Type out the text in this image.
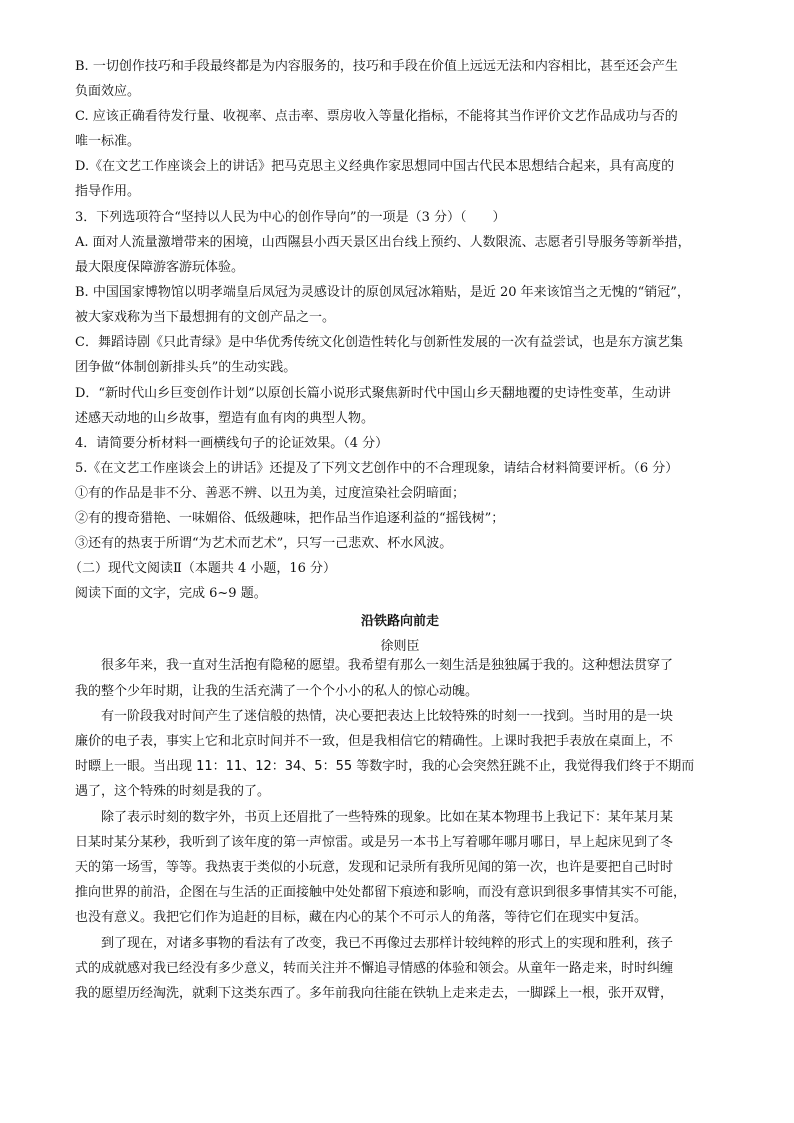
B. 一切创作技巧和手段最终都是为内容服务的，技巧和手段在价值上远远无法和内容相比，甚至还会产生
负面效应。
C. 应该正确看待发行量、收视率、点击率、票房收入等量化指标，不能将其当作评价文艺作品成功与否的
唯一标准。
D.《在文艺工作座谈会上的讲话》把马克思主义经典作家思想同中国古代民本思想结合起来，具有高度的
指导作用。
3．下列选项符合“坚持以人民为中心的创作导向”的一项是（3 分）（　　）
A. 面对人流量激增带来的困境，山西隰县小西天景区出台线上预约、人数限流、志愿者引导服务等新举措，
最大限度保障游客游玩体验。
B. 中国国家博物馆以明孝端皇后凤冠为灵感设计的原创凤冠冰箱贴，是近 20 年来该馆当之无愧的“销冠”，
被大家戏称为当下最想拥有的文创产品之一。
C．舞蹈诗剧《只此青绿》是中华优秀传统文化创造性转化与创新性发展的一次有益尝试，也是东方演艺集
团争做“体制创新排头兵”的生动实践。
D．“新时代山乡巨变创作计划”以原创长篇小说形式聚焦新时代中国山乡天翻地覆的史诗性变革，生动讲
述感天动地的山乡故事，塑造有血有肉的典型人物。
4．请简要分析材料一画横线句子的论证效果。（4 分）
5.《在文艺工作座谈会上的讲话》还提及了下列文艺创作中的不合理现象，请结合材料简要评析。（6 分）
①有的作品是非不分、善恶不辨、以丑为美，过度渲染社会阴暗面；
②有的搜奇猎艳、一味媚俗、低级趣味，把作品当作追逐利益的“摇钱树”；
③还有的热衷于所谓“为艺术而艺术”，只写一己悲欢、杯水风波。
（二）现代文阅读Ⅱ（本题共 4 小题，16 分）
阅读下面的文字，完成 6~9 题。
沿铁路向前走
徐则臣
很多年来，我一直对生活抱有隐秘的愿望。我希望有那么一刻生活是独独属于我的。这种想法贯穿了
我的整个少年时期，让我的生活充满了一个个小小的私人的惊心动魄。
有一阶段我对时间产生了迷信般的热情，决心要把表达上比较特殊的时刻一一找到。当时用的是一块
廉价的电子表，事实上它和北京时间并不一致，但是我相信它的精确性。上课时我把手表放在桌面上，不
时瞟上一眼。当出现 11：11、12：34、5：55 等数字时，我的心会突然狂跳不止，我觉得我们终于不期而
遇了，这个特殊的时刻是我的了。
除了表示时刻的数字外，书页上还眉批了一些特殊的现象。比如在某本物理书上我记下：某年某月某
日某时某分某秒，我听到了该年度的第一声惊雷。或是另一本书上写着哪年哪月哪日，早上起床见到了冬
天的第一场雪，等等。我热衷于类似的小玩意，发现和记录所有我所见闻的第一次，也许是要把自己时时
推向世界的前沿，企图在与生活的正面接触中处处都留下痕迹和影响，而没有意识到很多事情其实不可能，
也没有意义。我把它们作为追赶的目标，藏在内心的某个不可示人的角落，等待它们在现实中复活。
到了现在，对诸多事物的看法有了改变，我已不再像过去那样计较纯粹的形式上的实现和胜利，孩子
式的成就感对我已经没有多少意义，转而关注并不懈追寻情感的体验和领会。从童年一路走来，时时纠缠
我的愿望历经淘洗，就剩下这类东西了。多年前我向往能在铁轨上走来走去，一脚踩上一根，张开双臂，
